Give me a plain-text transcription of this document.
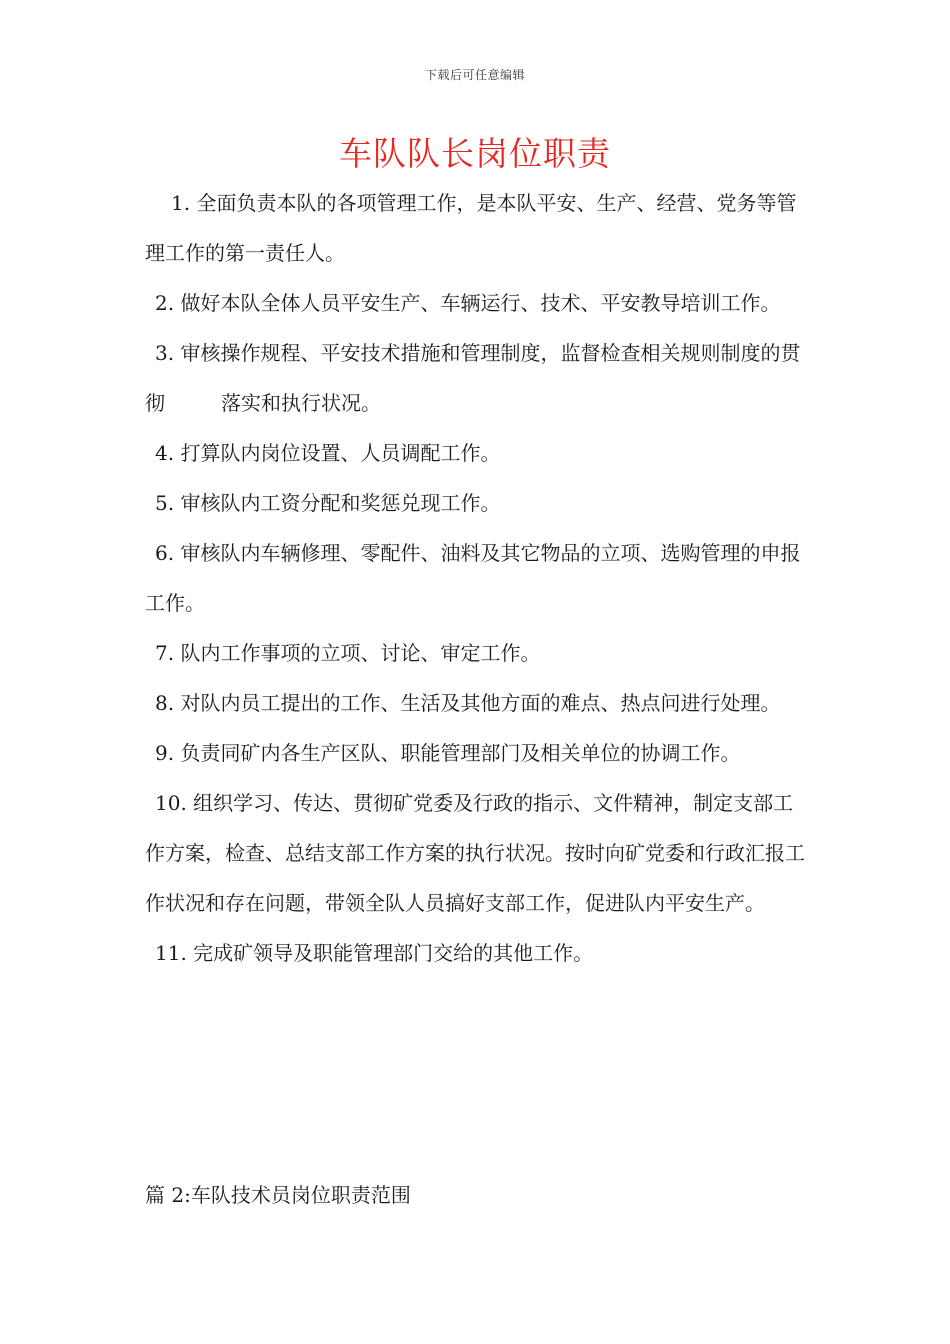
下载后可任意编辑
车队队长岗位职责

1. 全面负责本队的各项管理工作，是本队平安、生产、经营、党务等管理工作的第一责任人。

2. 做好本队全体人员平安生产、车辆运行、技术、平安教导培训工作。

3. 审核操作规程、平安技术措施和管理制度，监督检查相关规则制度的贯彻	落实和执行状况。

4. 打算队内岗位设置、人员调配工作。

5. 审核队内工资分配和奖惩兑现工作。

6. 审核队内车辆修理、零配件、油料及其它物品的立项、选购管理的申报工作。

7. 队内工作事项的立项、讨论、审定工作。

8. 对队内员工提出的工作、生活及其他方面的难点、热点问进行处理。

9. 负责同矿内各生产区队、职能管理部门及相关单位的协调工作。

10. 组织学习、传达、贯彻矿党委及行政的指示、文件精神，制定支部工作方案，检查、总结支部工作方案的执行状况。按时向矿党委和行政汇报工作状况和存在问题，带领全队人员搞好支部工作，促进队内平安生产。

11. 完成矿领导及职能管理部门交给的其他工作。

篇 2:车队技术员岗位职责范围
